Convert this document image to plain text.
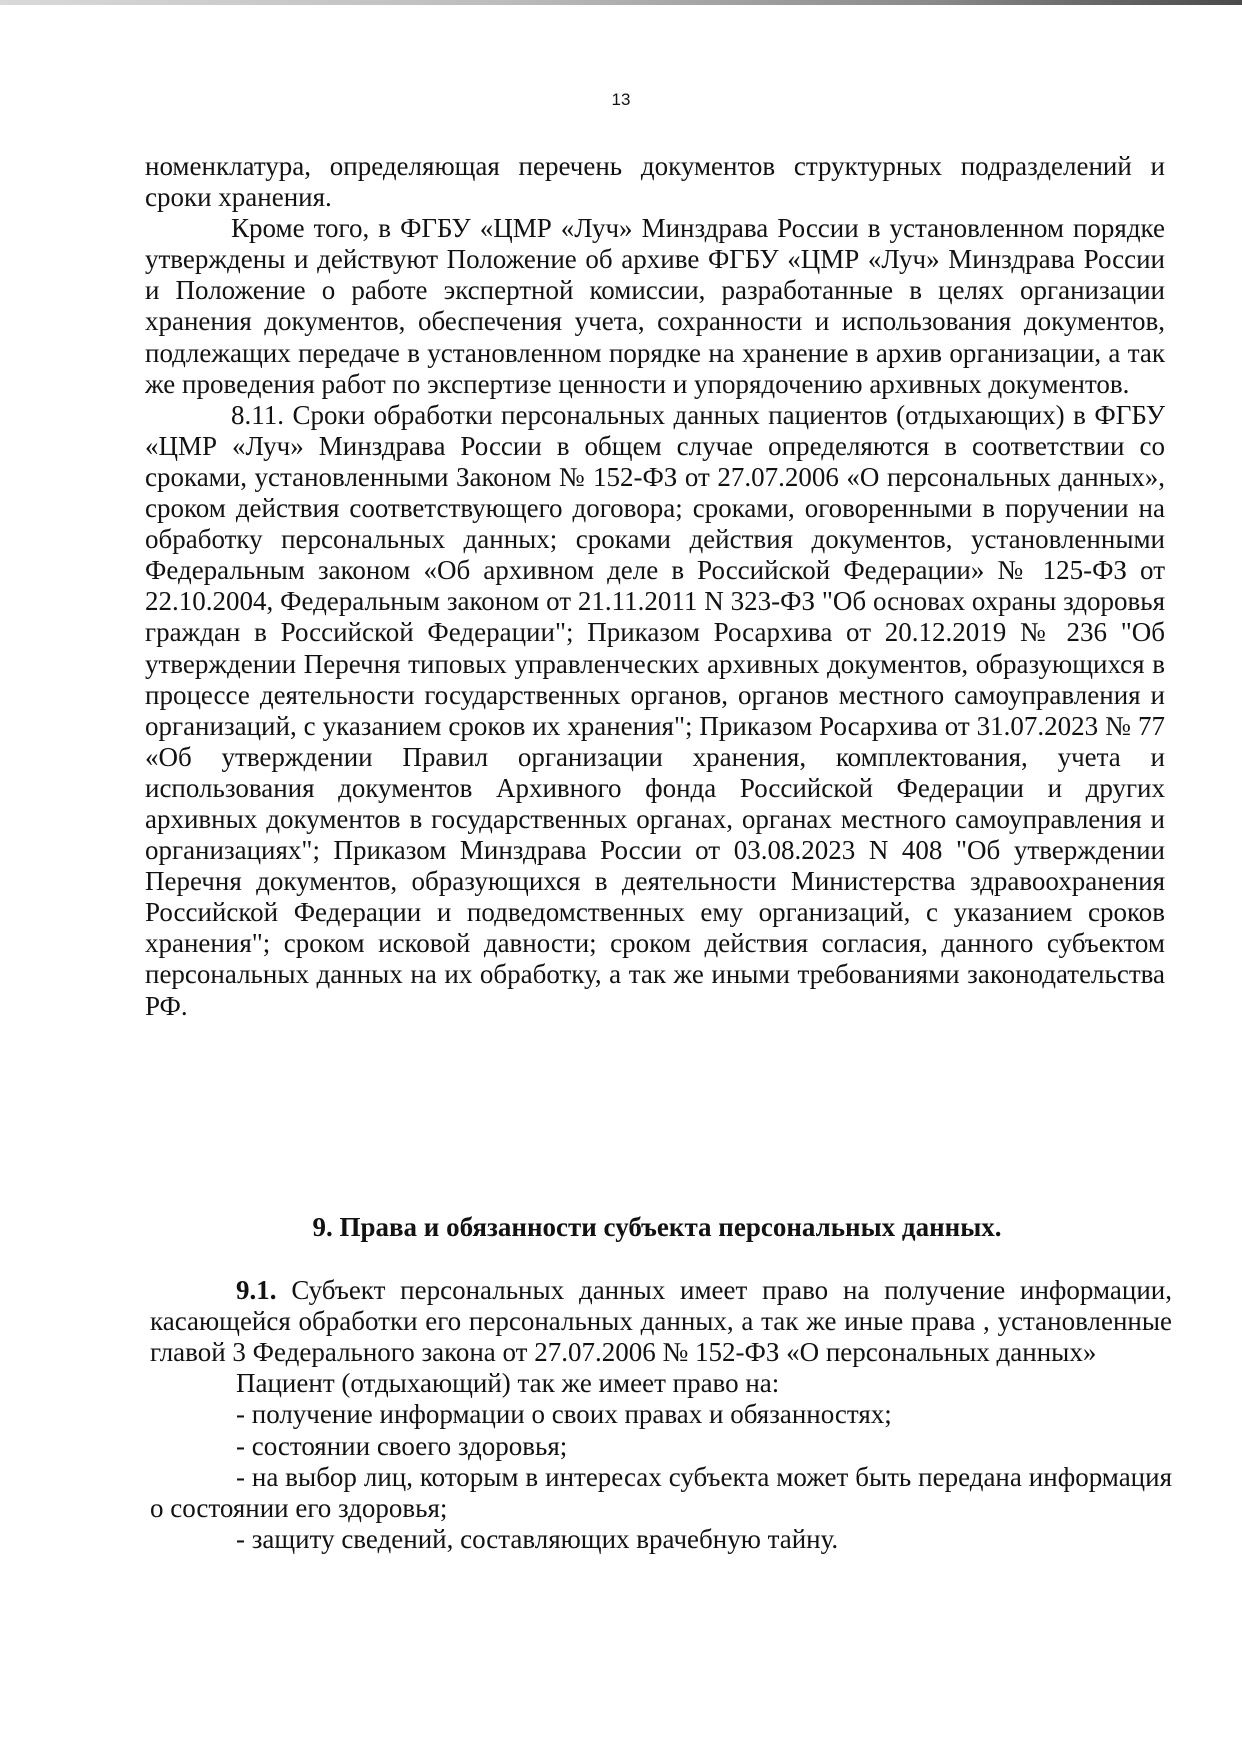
13

номенклатура, определяющая перечень документов структурных подразделений и сроки хранения.

Кроме того, в ФГБУ «ЦМР «Луч» Минздрава России в установленном порядке утверждены и действуют Положение об архиве ФГБУ «ЦМР «Луч» Минздрава России и Положение о работе экспертной комиссии, разработанные в целях организации хранения документов, обеспечения учета, сохранности и использования документов, подлежащих передаче в установленном порядке на хранение в архив организации, а так же проведения работ по экспертизе ценности и упорядочению архивных документов.

8.11. Сроки обработки персональных данных пациентов (отдыхающих) в ФГБУ «ЦМР «Луч» Минздрава России в общем случае определяются в соответствии со сроками, установленными Законом № 152-ФЗ от 27.07.2006 «О персональных данных», сроком действия соответствующего договора; сроками, оговоренными в поручении на обработку персональных данных; сроками действия документов, установленными Федеральным законом «Об архивном деле в Российской Федерации» № 125-ФЗ от 22.10.2004, Федеральным законом от 21.11.2011 N 323-ФЗ "Об основах охраны здоровья граждан в Российской Федерации"; Приказом Росархива от 20.12.2019 № 236 "Об утверждении Перечня типовых управленческих архивных документов, образующихся в процессе деятельности государственных органов, органов местного самоуправления и организаций, с указанием сроков их хранения"; Приказом Росархива от 31.07.2023 № 77 «Об утверждении Правил организации хранения, комплектования, учета и использования документов Архивного фонда Российской Федерации и других архивных документов в государственных органах, органах местного самоуправления и организациях"; Приказом Минздрава России от 03.08.2023 N 408 "Об утверждении Перечня документов, образующихся в деятельности Министерства здравоохранения Российской Федерации и подведомственных ему организаций, с указанием сроков хранения"; сроком исковой давности; сроком действия согласия, данного субъектом персональных данных на их обработку, а так же иными требованиями законодательства РФ.

9. Права и обязанности субъекта персональных данных.

9.1. Субъект персональных данных имеет право на получение информации, касающейся обработки его персональных данных, а так же иные права , установленные главой 3 Федерального закона от 27.07.2006 № 152-ФЗ «О персональных данных»

Пациент (отдыхающий) так же имеет право на:

- получение информации о своих правах и обязанностях;
- состоянии своего здоровья;
- на выбор лиц, которым в интересах субъекта может быть передана информация о состоянии его здоровья;
- защиту сведений, составляющих врачебную тайну.
